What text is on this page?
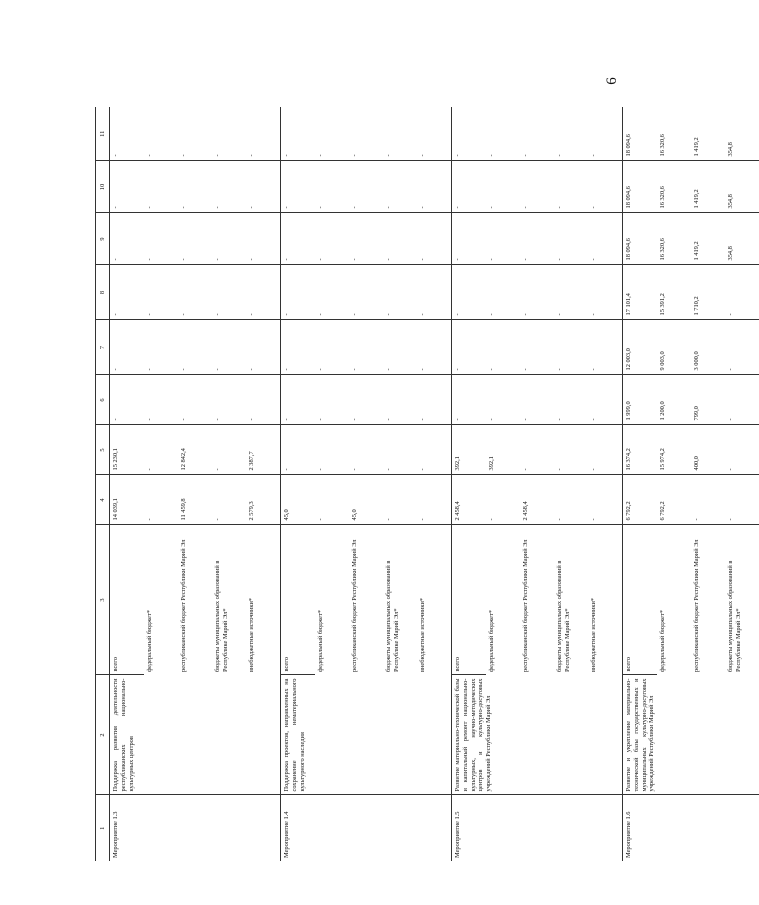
6
1	2	3	4	5	6	7	8	9	10	11
Мероприятие 1.3	Поддержка развития деятельности республиканских национально-культурных центров	всего	14 039,1	15 230,1	-	-	-	-	-	-
		федеральный бюджет*	-	-	-	-	-	-	-	-
		республиканский бюджет Республики Марий Эл	11 459,8	12 842,4	-	-	-	-	-	-
		бюджеты муниципальных образований в Республике Марий Эл*	-	-	-	-	-	-	-	-
		внебюджетные источники*	2 579,3	2 387,7	-	-	-	-	-	-
Мероприятие 1.4	Поддержка проектов, направленных на сохранение нематериального культурного наследия	всего	45,0	-	-	-	-	-	-	-
		федеральный бюджет*	-	-	-	-	-	-	-	-
		республиканский бюджет Республики Марий Эл	45,0	-	-	-	-	-	-	-
		бюджеты муниципальных образований в Республике Марий Эл*	-	-	-	-	-	-	-	-
		внебюджетные источники*	-	-	-	-	-	-	-	-
Мероприятие 1.5	Развитие материально-технической базы и капитальный ремонт национально-культурных, научно-методических центров и культурно-досуговых учреждений Республики Марий Эл	всего	2 458,4	392,1	-	-	-	-	-	-
		федеральный бюджет*	-	392,1	-	-	-	-	-	-
		республиканский бюджет Республики Марий Эл	2 458,4	-	-	-	-	-	-	-
		бюджеты муниципальных образований в Республике Марий Эл*	-	-	-	-	-	-	-	-
		внебюджетные источники*	-	-	-	-	-	-	-	-
Мероприятие 1.6	Развитие и укрепление материально-технической базы государственных и муниципальных культурно-досуговых учреждений Республики Марий Эл	всего	6 792,2	16 374,2	1 999,0	12 003,0	17 101,4	18 094,6	18 094,6	18 094,6
		федеральный бюджет*	6 792,2	15 974,2	1 200,0	9 003,0	15 391,2	16 320,6	16 320,6	16 320,6
		республиканский бюджет Республики Марий Эл	-	400,0	799,0	3 000,0	1 710,2	1 419,2	1 419,2	1 419,2
		бюджеты муниципальных образований в Республике Марий Эл*	-	-	-	-	-	354,8	354,8	354,8
